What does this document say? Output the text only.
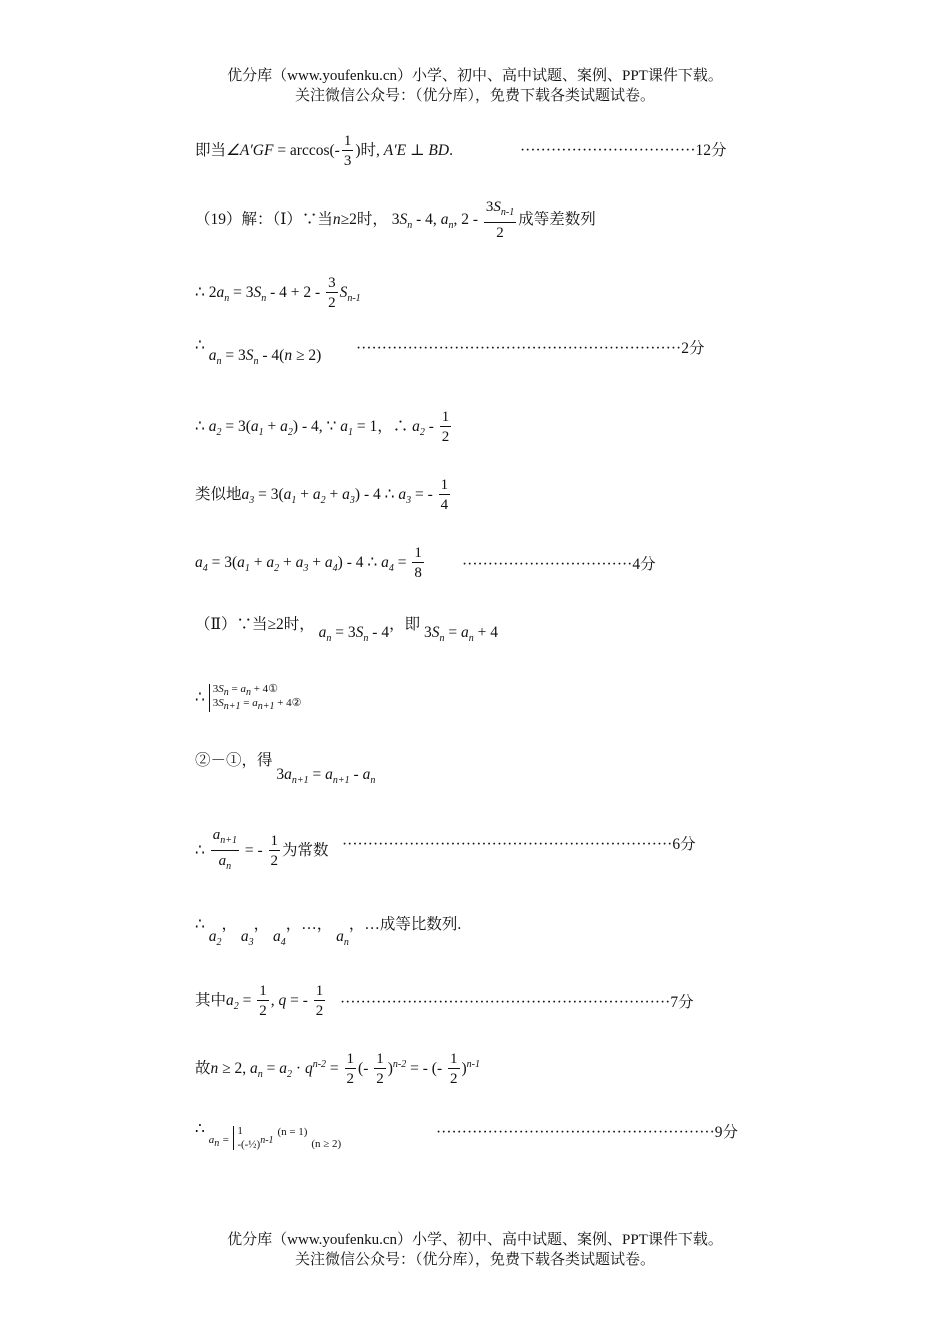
优分库（www.youfenku.cn）小学、初中、高中试题、案例、PPT课件下载。
关注微信公众号：（优分库），免费下载各类试题试卷。
即当∠A′GF = $\arccos(- \frac{1}{3}$ )时, A′E ⊥ BD.	··································12分
（19）解：（Ⅰ）∵当n≥2时， $3S_n - 4$, $a_n$, $2 - \frac{3S_{n-1}}{2}$ 成等差数列
∴ $2a_n = 3S_n - 4 + 2 - \frac{3}{2} S_{n-1}$
∴ $a_n = 3S_n - 4(n \ge 2) \cdot\cdot\cdot\cdot\cdot\cdot\cdot\cdot\cdot\cdot\cdot\cdot\cdot\cdot\cdot\cdot\cdot\cdot\cdot\cdot\cdot\cdot\cdot\cdot\cdot\cdot\cdot\cdot\cdot\cdot\cdot\cdot\cdot\cdot\cdot\cdot\cdot\cdot\cdot\cdot\cdot\cdot\cdot\cdot\cdot\cdot\cdot\cdot\cdot\cdot\cdot\cdot\cdot\cdot\cdot\cdot\cdot\cdot\cdot\cdot\cdot\cdot\cdot 2$分
∴ $a_2 = 3(a_1 + a_2) - 4$, ∵ $a_1 = 1$，∴ $a_2 - \frac{1}{2}$
类似地$a_3 = 3(a_1 + a_2 + a_3) - 4$ ∴ $a_3$ = - $\frac{1}{4}$
$a_4 = 3(a_1 + a_2 + a_3 + a_4) - 4$ ∴ $a_4 = \frac{1}{8} \cdot\cdot\cdot\cdot\cdot\cdot\cdot\cdot\cdot\cdot\cdot\cdot\cdot\cdot\cdot\cdot\cdot\cdot\cdot\cdot\cdot\cdot\cdot\cdot\cdot\cdot\cdot\cdot\cdot\cdot\cdot\cdot\cdot 4$分
（Ⅱ）∵当≥2时， $a_n = 3S_n - 4$，即 $3S_n = a_n + 4$
∴ $3S_n = a_n$ + 4①
$3S_{n+1} = a_{n+1}$ + 4②
②－①，得 $3a_{n+1} = a_{n+1} - a_n$
∴ $\frac{a_{n+1}}{a_n}$ = - $\frac{1}{2}$ 为常数 ································································6分
∴ $a_2$， $a_3$， $a_4$，…， $a_n$，…成等比数列.
其中$a_2 = \frac{1}{2}$ , q = - $\frac{1}{2} \cdot\cdot\cdot\cdot\cdot\cdot\cdot\cdot\cdot\cdot\cdot\cdot\cdot\cdot\cdot\cdot\cdot\cdot\cdot\cdot\cdot\cdot\cdot\cdot\cdot\cdot\cdot\cdot\cdot\cdot\cdot\cdot\cdot\cdot\cdot\cdot\cdot\cdot\cdot\cdot\cdot\cdot\cdot\cdot\cdot\cdot\cdot\cdot\cdot\cdot\cdot\cdot\cdot\cdot\cdot\cdot\cdot\cdot\cdot\cdot\cdot\cdot\cdot\cdot 7$分
故n ≥ 2, $a_n = a_2 \cdot q^{n-2} = \frac{1}{2}$ (- $\frac{1}{2} )^{n-2}$ = - (- $\frac{1}{2} )^{n-1}$
∴ $_{a_n =}$ 1
-(-½)$^{n-1}$ (n = 1) $_{(n \ge 2)}$
······················································9分
优分库（www.youfenku.cn）小学、初中、高中试题、案例、PPT课件下载。
关注微信公众号：（优分库），免费下载各类试题试卷。
